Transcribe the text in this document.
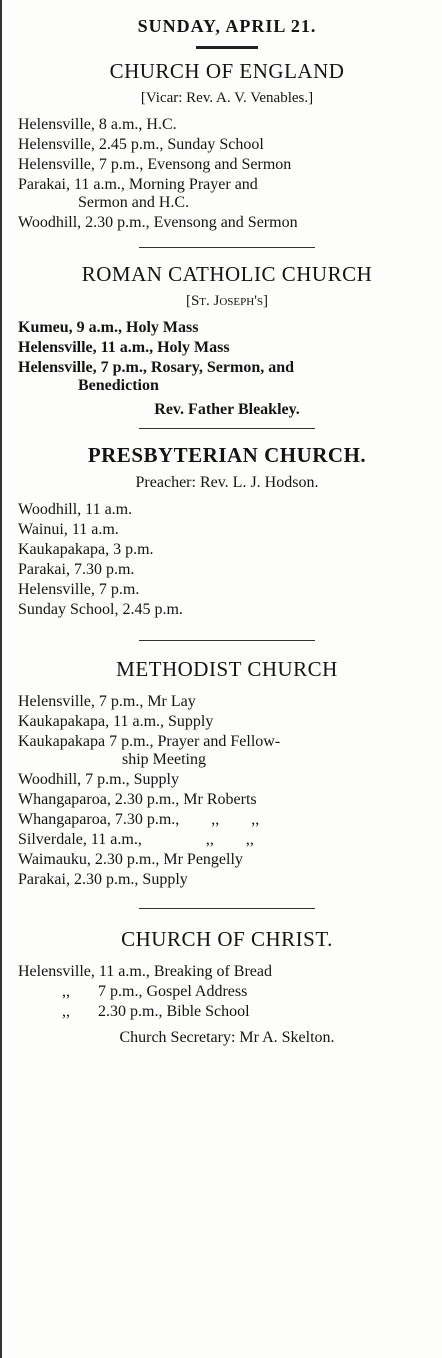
SUNDAY, APRIL 21.
CHURCH OF ENGLAND
[Vicar: Rev. A. V. Venables.]
Helensville, 8 a.m., H.C.
Helensville, 2.45 p.m., Sunday School
Helensville, 7 p.m., Evensong and Sermon
Parakai, 11 a.m., Morning Prayer and
Sermon and H.C.
Woodhill, 2.30 p.m., Evensong and Sermon
ROMAN CATHOLIC CHURCH
[St. Joseph's]
Kumeu, 9 a.m., Holy Mass
Helensville, 11 a.m., Holy Mass
Helensville, 7 p.m., Rosary, Sermon, and
Benediction
Rev. Father Bleakley.
PRESBYTERIAN CHURCH.
Preacher: Rev. L. J. Hodson.
Woodhill, 11 a.m.
Wainui, 11 a.m.
Kaukapakapa, 3 p.m.
Parakai, 7.30 p.m.
Helensville, 7 p.m.
Sunday School, 2.45 p.m.
METHODIST CHURCH
Helensville, 7 p.m., Mr Lay
Kaukapakapa, 11 a.m., Supply
Kaukapakapa 7 p.m., Prayer and Fellow-
ship Meeting
Woodhill, 7 p.m., Supply
Whangaparoa, 2.30 p.m., Mr Roberts
Whangaparoa, 7.30 p.m.,        ,,        ,,
Silverdale, 11 a.m.,                ,,        ,,
Waimauku, 2.30 p.m., Mr Pengelly
Parakai, 2.30 p.m., Supply
CHURCH OF CHRIST.
Helensville, 11 a.m., Breaking of Bread
,,       7 p.m., Gospel Address
,,       2.30 p.m., Bible School
Church Secretary: Mr A. Skelton.
